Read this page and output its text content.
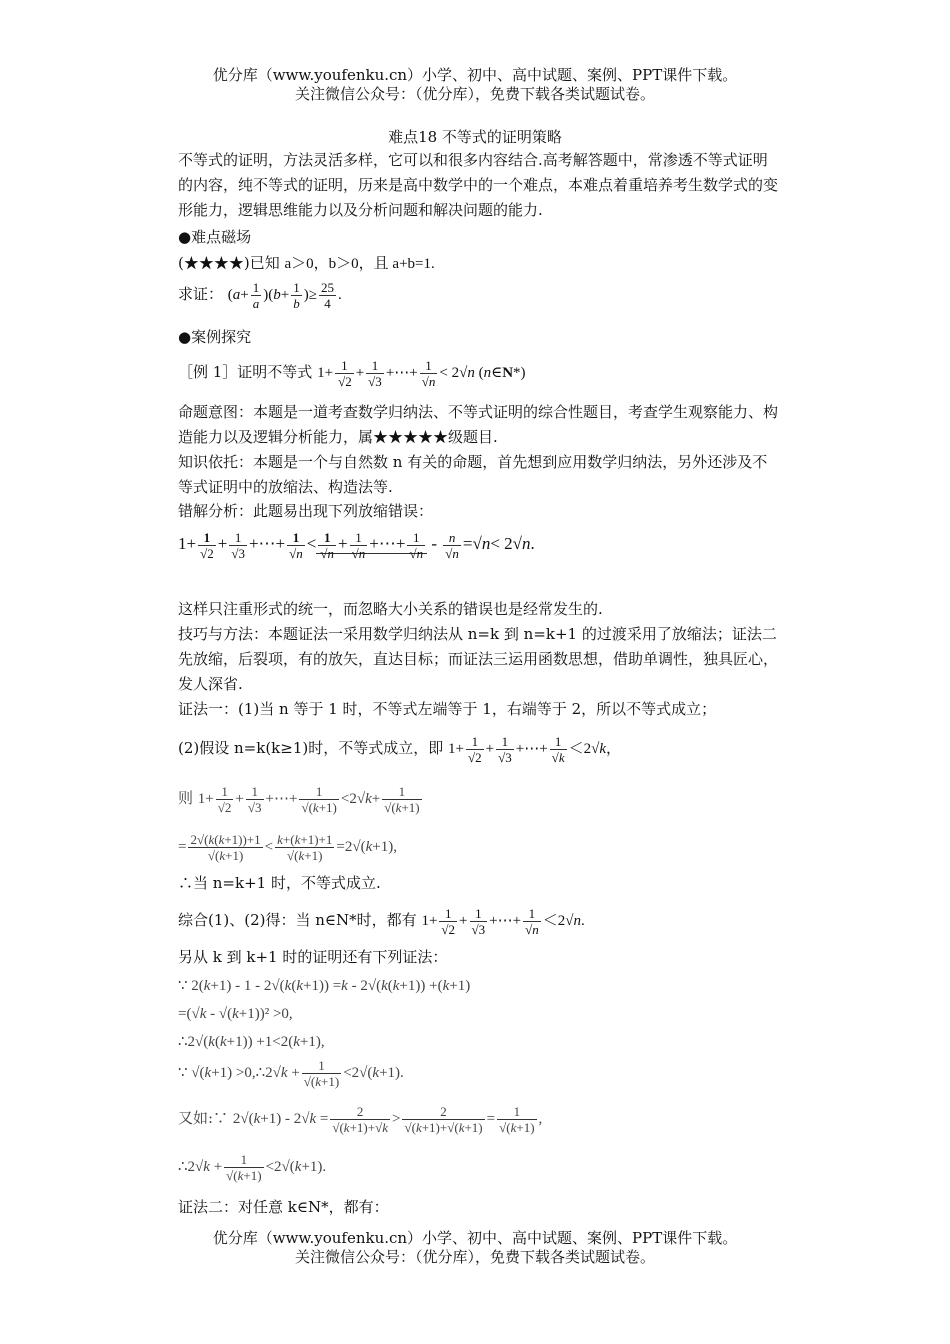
优分库（www.youfenku.cn）小学、初中、高中试题、案例、PPT课件下载。
关注微信公众号：（优分库），免费下载各类试题试卷。
难点18 不等式的证明策略
不等式的证明，方法灵活多样，它可以和很多内容结合.高考解答题中，常渗透不等式证明的内容，纯不等式的证明，历来是高中数学中的一个难点，本难点着重培养考生数学式的变形能力，逻辑思维能力以及分析问题和解决问题的能力.
●难点磁场
(★★★★)已知 a＞0，b＞0，且 a+b=1.
求证： $(a+ \frac{1}{a} )(b+ \frac{1}{b}$ )≥ $\frac{25}{4}$ .
●案例探究
［例 1］证明不等式 $1+ \frac{1}{√2} + \frac{1}{√3}$ +⋯+ $\frac{1}{√n} < 2√n$ (n∈N*)
命题意图：本题是一道考查数学归纳法、不等式证明的综合性题目，考查学生观察能力、构造能力以及逻辑分析能力，属★★★★★级题目.
知识依托：本题是一个与自然数 n 有关的命题，首先想到应用数学归纳法，另外还涉及不等式证明中的放缩法、构造法等.
错解分析：此题易出现下列放缩错误：
$1+ \frac{1}{√2} + \frac{1}{√3}$ +⋯+ $\frac{1}{√n} < \frac{1}{√n} + \frac{1}{√n}$ +⋯+ $\frac{1}{√n} - \frac{n}{√n} =√n< 2√n$.
这样只注重形式的统一，而忽略大小关系的错误也是经常发生的.
技巧与方法：本题证法一采用数学归纳法从 n=k 到 n=k+1 的过渡采用了放缩法；证法二先放缩，后裂项，有的放矢，直达目标；而证法三运用函数思想，借助单调性，独具匠心，发人深省.
证法一：(1)当 n 等于 1 时，不等式左端等于 1，右端等于 2，所以不等式成立；
(2)假设 n=k(k≥1)时，不等式成立，即 $1+ \frac{1}{√2} + \frac{1}{√3}$ +⋯+ $\frac{1}{√k} <2√k$，
则 $1+ \frac{1}{√2} + \frac{1}{√3}$ +⋯+ $\frac{1}{√(k+1)} <2√k+ \frac{1}{√(k+1)}$
= $\frac{2√(k(k+1))+1}{√(k+1)} < \frac{k+(k+1)+1}{√(k+1)} =2√(k+1)$,
∴当 n=k+1 时，不等式成立.
综合(1)、(2)得：当 n∈N*时，都有 $1+ \frac{1}{√2} + \frac{1}{√3}$ +⋯+ $\frac{1}{√n} <2√n$.
另从 k 到 k+1 时的证明还有下列证法：
∵ 2(k+1) - 1 - 2√(k(k+1)) =k - 2√(k(k+1)) +(k+1)
=(√k - √(k+1))² >0,
∴2√(k(k+1)) +1<2(k+1),
∵ √(k+1) >0,∴2√k + $\frac{1}{√(k+1)} <2√(k+1)$.
又如:∵ $2√(k+1) - 2√k = \frac{2}{√(k+1)+√k} > \frac{2}{√(k+1)+√(k+1)} = \frac{1}{√(k+1)}$ ,
∴2√k + $\frac{1}{√(k+1)} <2√(k+1)$.
证法二：对任意 k∈N*，都有：
优分库（www.youfenku.cn）小学、初中、高中试题、案例、PPT课件下载。
关注微信公众号：（优分库），免费下载各类试题试卷。
